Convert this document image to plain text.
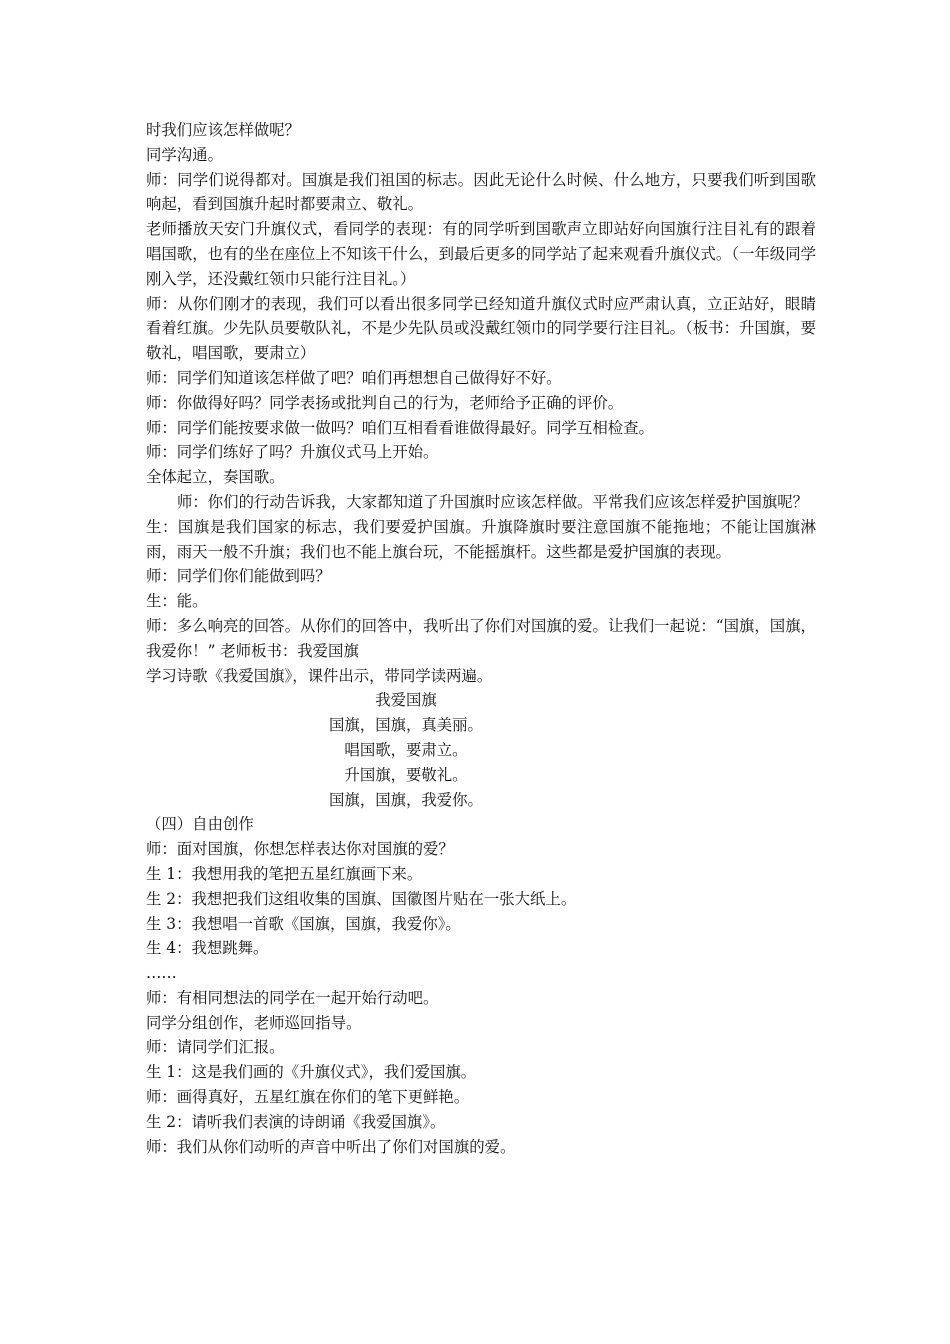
时我们应该怎样做呢？

同学沟通。

师：同学们说得都对。国旗是我们祖国的标志。因此无论什么时候、什么地方，只要我们听到国歌响起，看到国旗升起时都要肃立、敬礼。

老师播放天安门升旗仪式，看同学的表现：有的同学听到国歌声立即站好向国旗行注目礼有的跟着唱国歌，也有的坐在座位上不知该干什么，到最后更多的同学站了起来观看升旗仪式。（一年级同学刚入学，还没戴红领巾只能行注目礼。）

师：从你们刚才的表现，我们可以看出很多同学已经知道升旗仪式时应严肃认真，立正站好，眼睛看着红旗。少先队员要敬队礼，不是少先队员或没戴红领巾的同学要行注目礼。（板书：升国旗，要敬礼，唱国歌，要肃立）

师：同学们知道该怎样做了吧？咱们再想想自己做得好不好。

师：你做得好吗？同学表扬或批判自己的行为，老师给予正确的评价。

师：同学们能按要求做一做吗？咱们互相看看谁做得最好。同学互相检查。

师：同学们练好了吗？升旗仪式马上开始。

全体起立，奏国歌。

师：你们的行动告诉我，大家都知道了升国旗时应该怎样做。平常我们应该怎样爱护国旗呢？

生：国旗是我们国家的标志，我们要爱护国旗。升旗降旗时要注意国旗不能拖地；不能让国旗淋雨，雨天一般不升旗；我们也不能上旗台玩，不能摇旗杆。这些都是爱护国旗的表现。

师：同学们你们能做到吗？

生：能。

师：多么响亮的回答。从你们的回答中，我听出了你们对国旗的爱。让我们一起说：“国旗，国旗，我爱你！” 老师板书：我爱国旗

学习诗歌《我爱国旗》，课件出示，带同学读两遍。

我爱国旗

国旗，国旗，真美丽。

唱国歌，要肃立。

升国旗，要敬礼。

国旗，国旗，我爱你。

（四）自由创作

师：面对国旗，你想怎样表达你对国旗的爱？

生 1：我想用我的笔把五星红旗画下来。

生 2：我想把我们这组收集的国旗、国徽图片贴在一张大纸上。

生 3：我想唱一首歌《国旗，国旗，我爱你》。

生 4：我想跳舞。

……

师：有相同想法的同学在一起开始行动吧。

同学分组创作，老师巡回指导。

师：请同学们汇报。

生 1：这是我们画的《升旗仪式》，我们爱国旗。

师：画得真好，五星红旗在你们的笔下更鲜艳。

生 2：请听我们表演的诗朗诵《我爱国旗》。

师：我们从你们动听的声音中听出了你们对国旗的爱。
